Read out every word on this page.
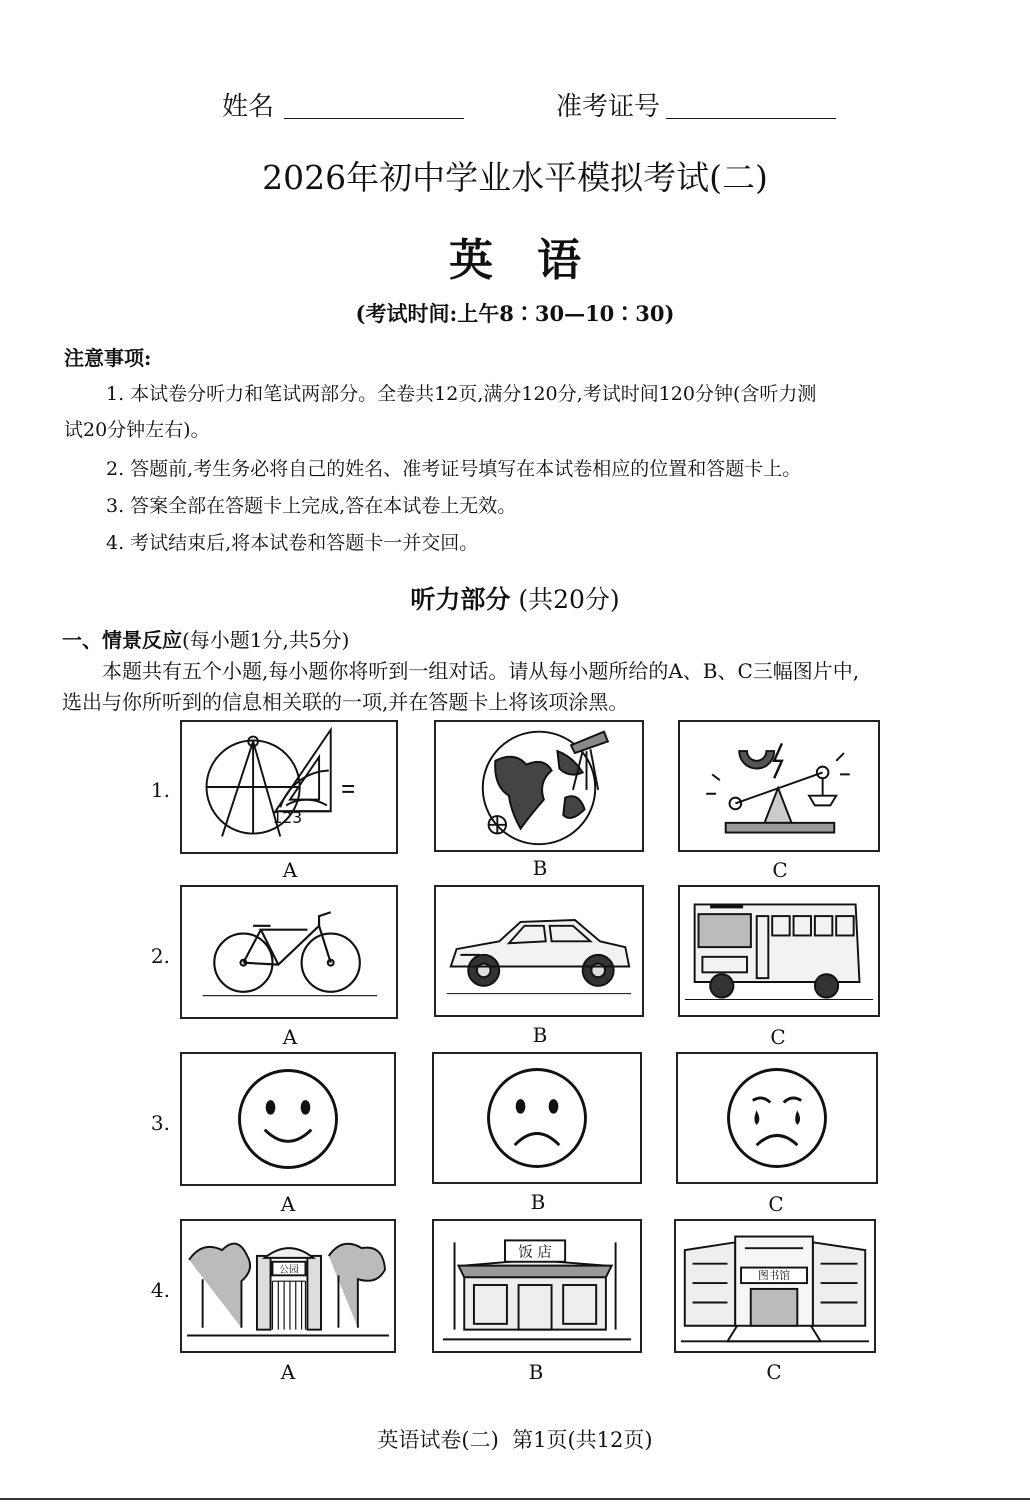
姓名	准考证号
2026年初中学业水平模拟考试(二)
英语
(考试时间:上午8∶30—10∶30)
注意事项:
1. 本试卷分听力和笔试两部分。全卷共12页,满分120分,考试时间120分钟(含听力测
试20分钟左右)。
2. 答题前,考生务必将自己的姓名、准考证号填写在本试卷相应的位置和答题卡上。
3. 答案全部在答题卡上完成,答在本试卷上无效。
4. 考试结束后,将本试卷和答题卡一并交回。
听力部分 (共20分)
一、情景反应(每小题1分,共5分)
本题共有五个小题,每小题你将听到一组对话。请从每小题所给的A、B、C三幅图片中,
选出与你所听到的信息相关联的一项,并在答题卡上将该项涂黑。
1.
123
A	B	C
2.
A	B	C
3.
A	B	C
4.
公园
饭 店
图书馆
A	B	C
英语试卷(二)  第1页(共12页)
